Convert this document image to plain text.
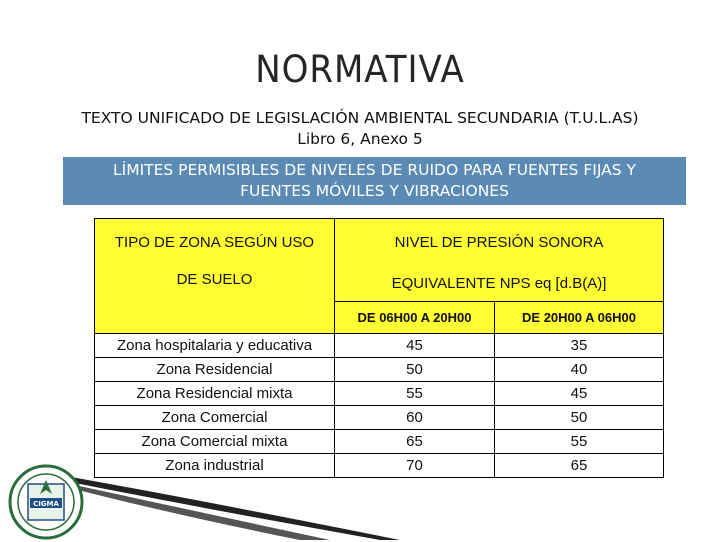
NORMATIVA
TEXTO UNIFICADO DE LEGISLACIÓN AMBIENTAL SECUNDARIA (T.U.L.AS)
Libro 6, Anexo 5
LÍMITES PERMISIBLES DE NIVELES DE RUIDO PARA FUENTES FIJAS Y
FUENTES MÓVILES Y VIBRACIONES
TIPO DE ZONA SEGÚN USO	NIVEL DE PRESIÓN SONORA	
DE SUELO	EQUIVALENTE NPS eq [d.B(A)]	
	DE 06H00 A 20H00	DE 20H00 A 06H00
Zona hospitalaria y educativa	45	35
Zona Residencial	50	40
Zona Residencial mixta	55	45
Zona Comercial	60	50
Zona Comercial mixta	65	55
Zona industrial	70	65
CIGMA
